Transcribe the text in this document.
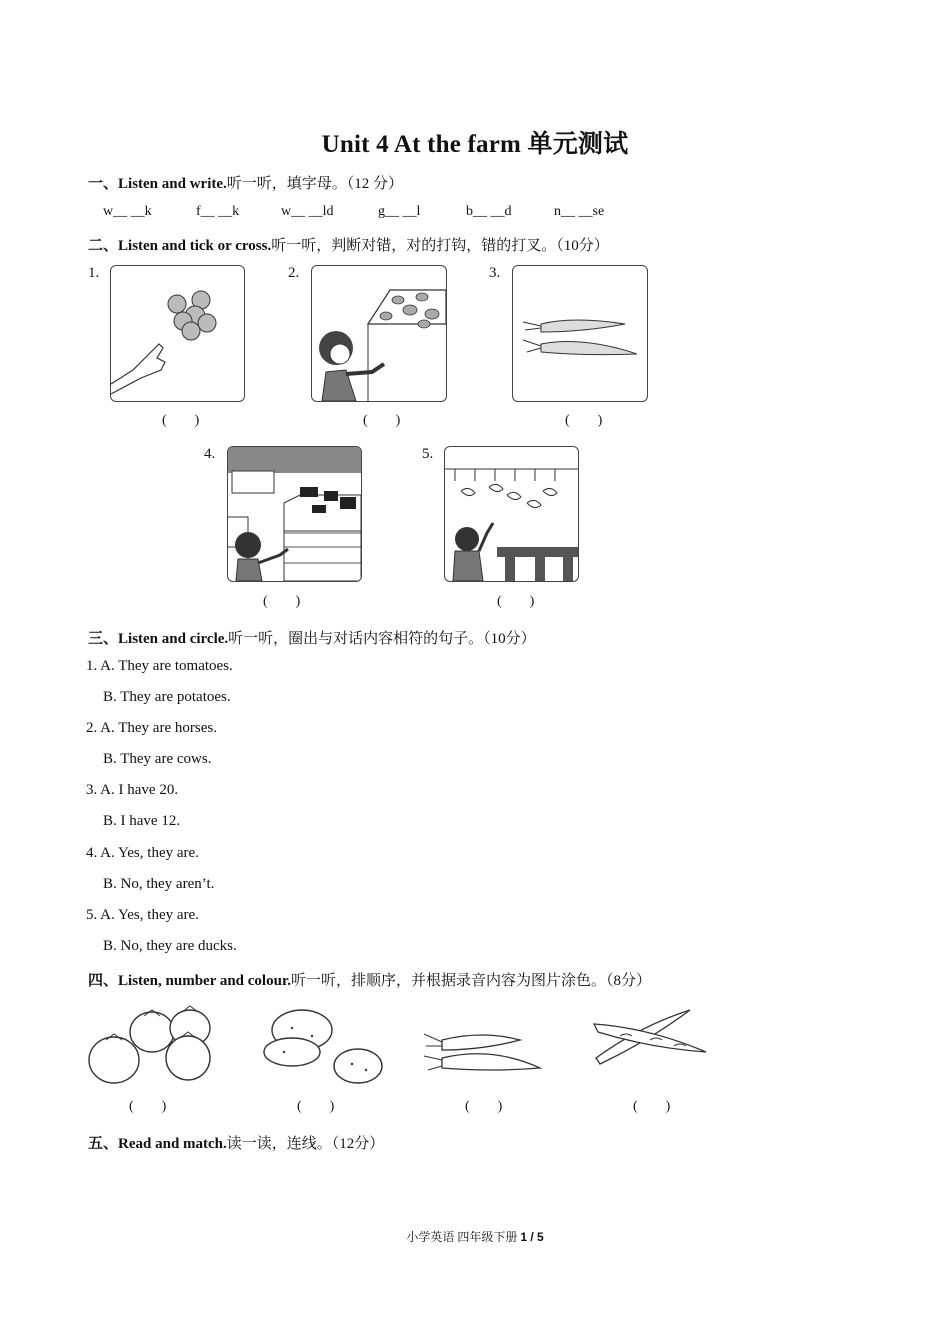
Unit 4 At the farm 单元测试
一、Listen and write.听一听，填字母。（12 分）
w__ __k	f__ __k	w__ __ld	g__ __l	b__ __d	n__ __se
二、Listen and tick or cross.听一听，判断对错，对的打钩，错的打叉。（10分）
1.	2.	3.
4.	5.
(        )	(        )	(        )
(        )	(        )
三、Listen and circle.听一听，圈出与对话内容相符的句子。（10分）
1. A. They are tomatoes.
B. They are potatoes.
2. A. They are horses.
B. They are cows.
3. A. I have 20.
B. I have 12.
4. A. Yes, they are.
B. No, they aren’t.
5. A. Yes, they are.
B. No, they are ducks.
四、Listen, number and colour.听一听，排顺序，并根据录音内容为图片涂色。（8分）
(        )	(        )	(        )	(        )
五、Read and match.读一读，连线。（12分）
小学英语 四年级下册 1 / 5
